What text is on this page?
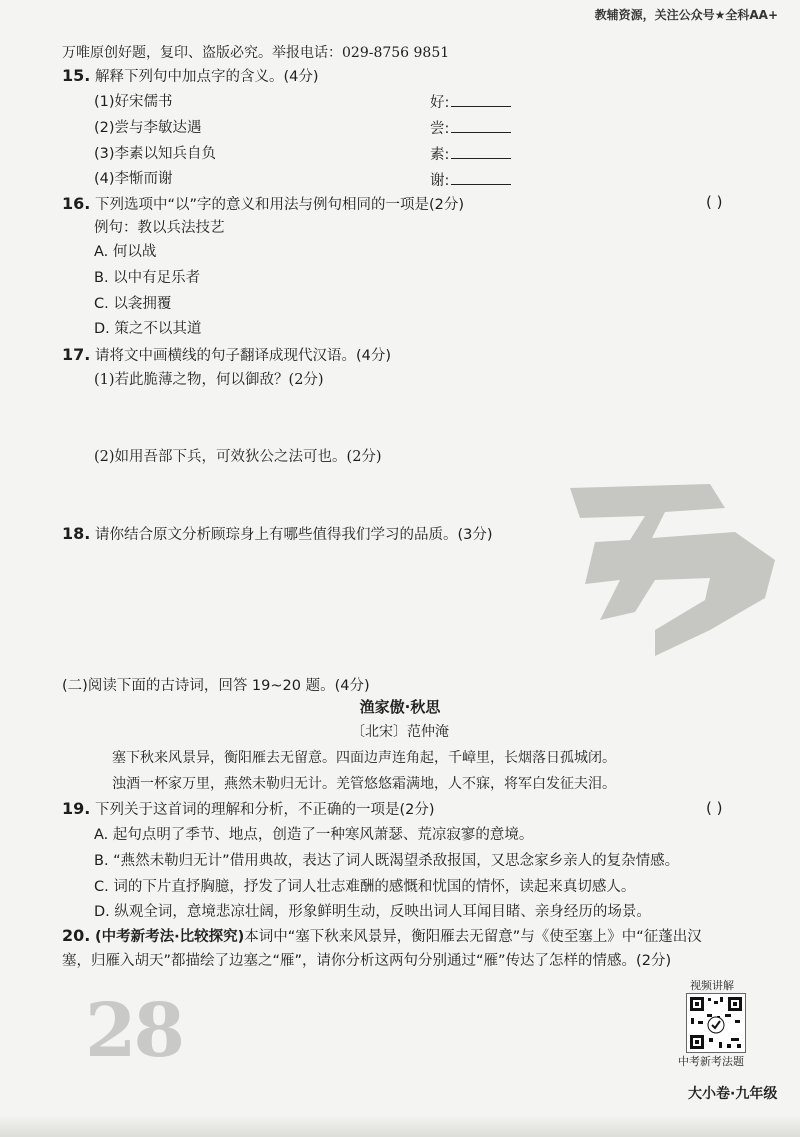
教辅资源，关注公众号★全科AA+
万唯原创好题，复印、盗版必究。举报电话：029-8756 9851
15. 解释下列句中加点字的含义。(4分)
(1)好宋儒书
(2)尝与李敏达遇
(3)李素以知兵自负
(4)李惭而谢
好:
尝:
素:
谢:
16. 下列选项中“以”字的意义和用法与例句相同的一项是(2分)	( )
例句：教以兵法技艺
A. 何以战
B. 以中有足乐者
C. 以衾拥覆
D. 策之不以其道
17. 请将文中画横线的句子翻译成现代汉语。(4分)
(1)若此脆薄之物，何以御敌？(2分)
(2)如用吾部下兵，可效狄公之法可也。(2分)
18. 请你结合原文分析顾琮身上有哪些值得我们学习的品质。(3分)
(二)阅读下面的古诗词，回答 19~20 题。(4分)
渔家傲·秋思
〔北宋〕范仲淹
塞下秋来风景异，衡阳雁去无留意。四面边声连角起，千嶂里，长烟落日孤城闭。
浊酒一杯家万里，燕然未勒归无计。羌管悠悠霜满地，人不寐，将军白发征夫泪。
19. 下列关于这首词的理解和分析，不正确的一项是(2分)	( )
A. 起句点明了季节、地点，创造了一种寒风萧瑟、荒凉寂寥的意境。
B. “燕然未勒归无计”借用典故，表达了词人既渴望杀敌报国，又思念家乡亲人的复杂情感。
C. 词的下片直抒胸臆，抒发了词人壮志难酬的感慨和忧国的情怀，读起来真切感人。
D. 纵观全词，意境悲凉壮阔，形象鲜明生动，反映出词人耳闻目睹、亲身经历的场景。
20. (中考新考法·比较探究)本词中“塞下秋来风景异，衡阳雁去无留意”与《使至塞上》中“征蓬出汉
塞，归雁入胡天”都描绘了边塞之“雁”，请你分析这两句分别通过“雁”传达了怎样的情感。(2分)
28
视频讲解
中考新考法题
大小卷·九年级
